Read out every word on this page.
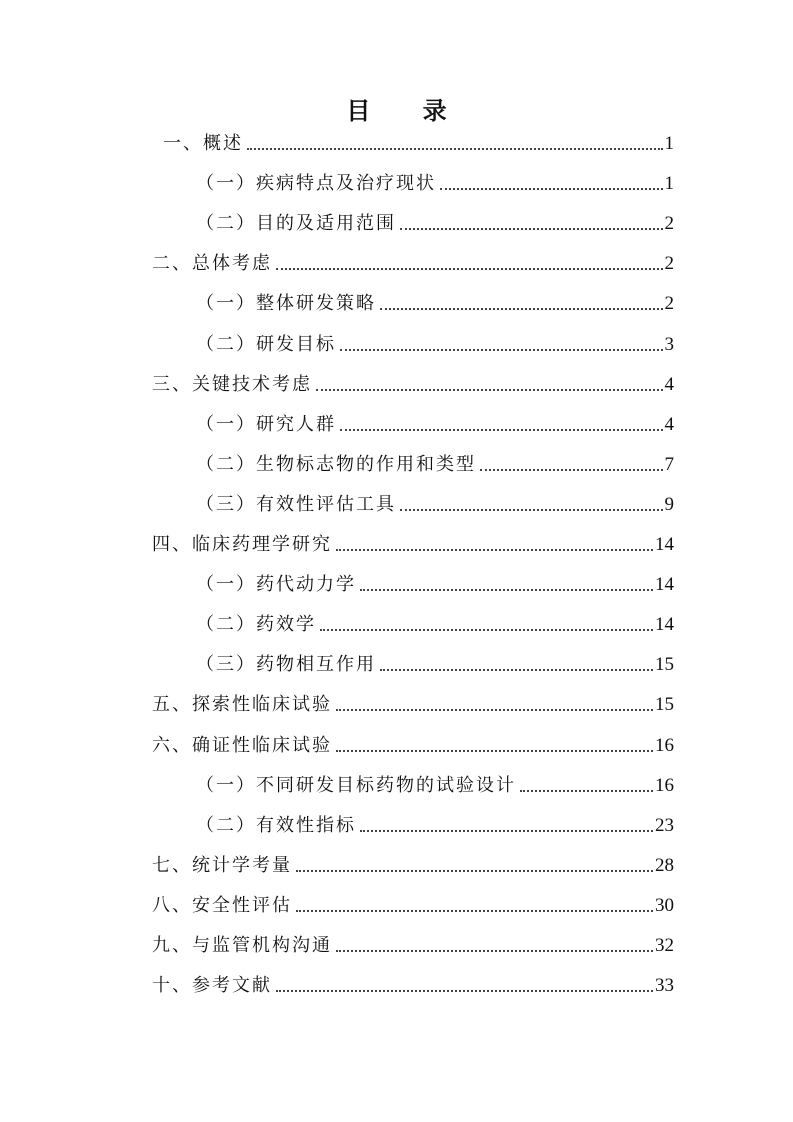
目 录
一、概述	1
（一）疾病特点及治疗现状	1
（二）目的及适用范围	2
二、总体考虑	2
（一）整体研发策略	2
（二）研发目标	3
三、关键技术考虑	4
（一）研究人群	4
（二）生物标志物的作用和类型	7
（三）有效性评估工具	9
四、临床药理学研究	14
（一）药代动力学	14
（二）药效学	14
（三）药物相互作用	15
五、探索性临床试验	15
六、确证性临床试验	16
（一）不同研发目标药物的试验设计	16
（二）有效性指标	23
七、统计学考量	28
八、安全性评估	30
九、与监管机构沟通	32
十、参考文献	33
